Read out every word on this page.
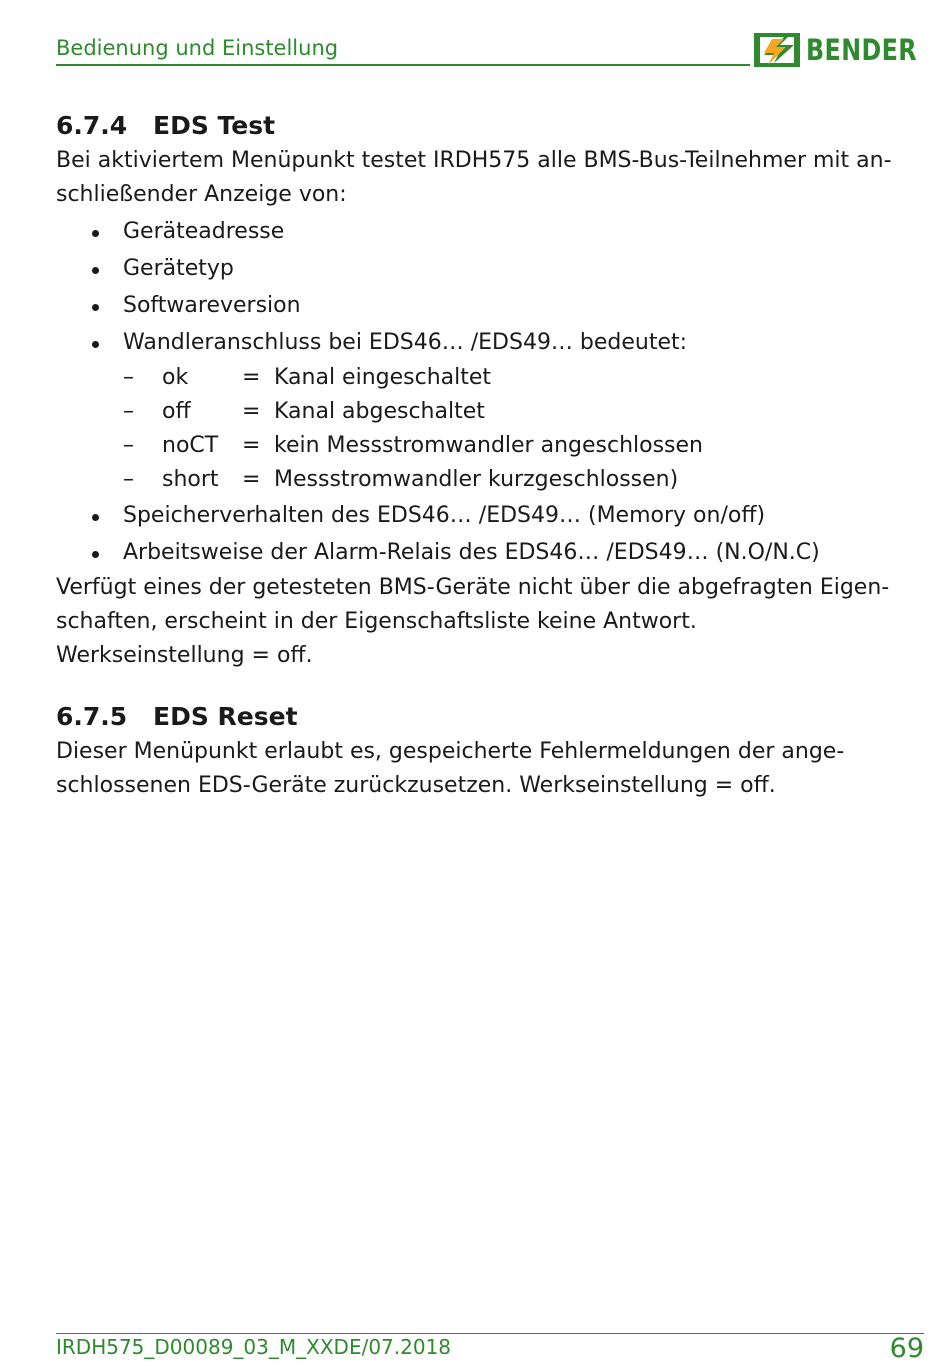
Bedienung und Einstellung	BENDER
6.7.4	EDS Test

Bei aktiviertem Menüpunkt testet IRDH575 alle BMS-Bus-Teilnehmer mit an-

schließender Anzeige von:

Geräteadresse
Gerätetyp
Softwareversion
Wandleranschluss bei EDS46… /EDS49… bedeutet:
–	ok	= Kanal eingeschaltet
–	off	= Kanal abgeschaltet
–	noCT	= kein Messstromwandler angeschlossen
–	short	= Messstromwandler kurzgeschlossen)
Speicherverhalten des EDS46… /EDS49… (Memory on/off)
Arbeitsweise der Alarm-Relais des EDS46… /EDS49… (N.O/N.C)

Verfügt eines der getesteten BMS-Geräte nicht über die abgefragten Eigen-

schaften, erscheint in der Eigenschaftsliste keine Antwort.

Werkseinstellung = off.

6.7.5	EDS Reset

Dieser Menüpunkt erlaubt es, gespeicherte Fehlermeldungen der ange-

schlossenen EDS-Geräte zurückzusetzen. Werkseinstellung = off.

IRDH575_D00089_03_M_XXDE/07.2018	69
